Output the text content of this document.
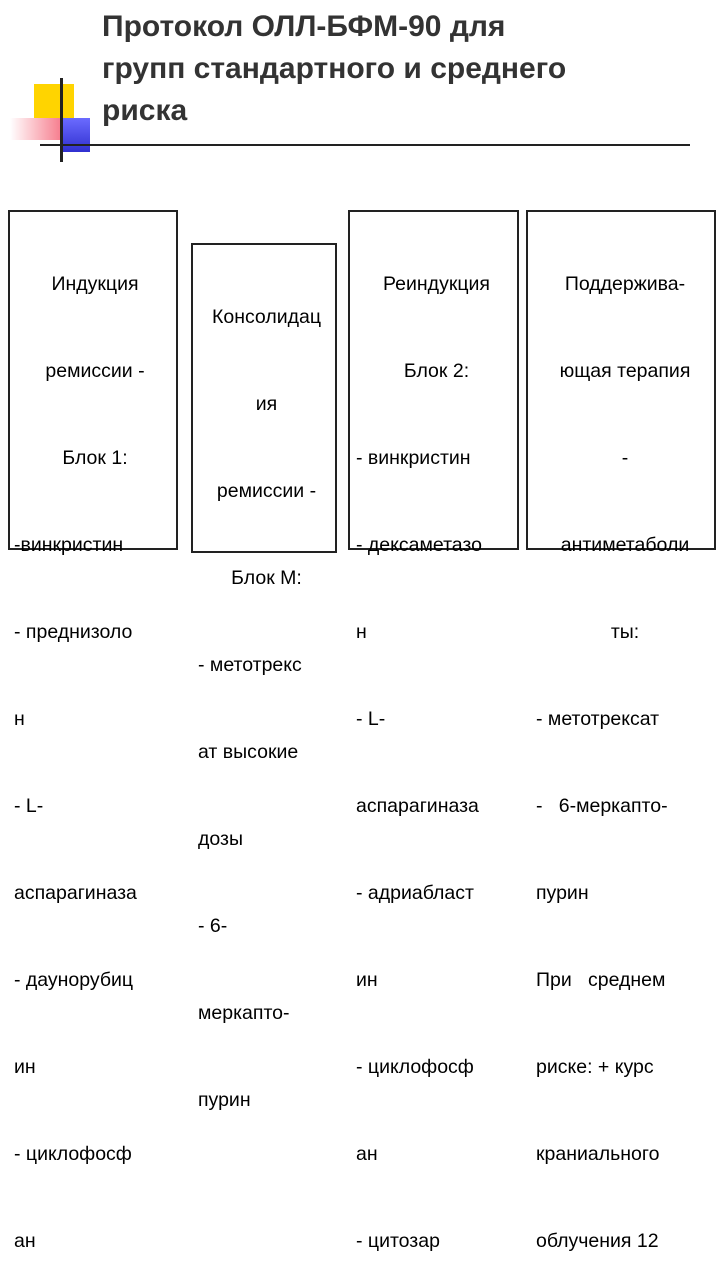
Протокол ОЛЛ-БФМ-90 для
групп стандартного и среднего
риска

Индукция

ремиссии -

Блок 1:

-винкристин

- преднизоло

н

- L-

аспарагиназа

- даунорубиц

ин

- циклофосф

ан

Консолидац

ия

ремиссии -

Блок М:

- метотрекс

ат высокие

дозы

- 6-

меркапто-

пурин

Реиндукция

Блок 2:

- винкристин

- дексаметазо

н

- L-

аспарагиназа

- адриабласт

ин

- циклофосф

ан

- цитозар

Поддержива-

ющая терапия

-

антиметаболи

ты:

- метотрексат

-   6-меркапто-

пурин

При   среднем

риске: + курс

краниального

облучения 12
